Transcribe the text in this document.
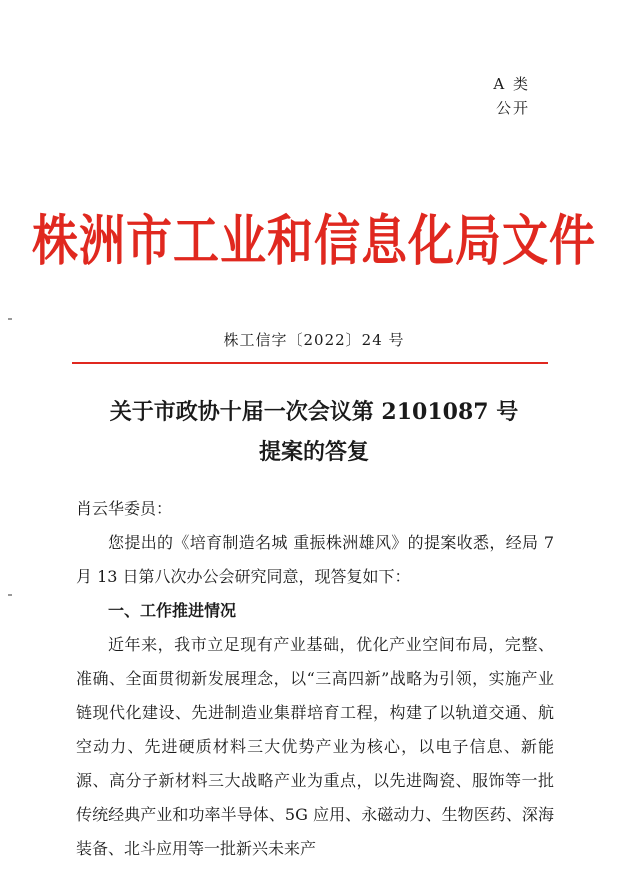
A 类
公开
株洲市工业和信息化局文件
株工信字〔2022〕24 号
关于市政协十届一次会议第 2101087 号
提案的答复

肖云华委员：

您提出的《培育制造名城 重振株洲雄风》的提案收悉，经局 7 月 13 日第八次办公会研究同意，现答复如下：

一、工作推进情况

近年来，我市立足现有产业基础，优化产业空间布局，完整、准确、全面贯彻新发展理念，以“三高四新”战略为引领，实施产业链现代化建设、先进制造业集群培育工程，构建了以轨道交通、航空动力、先进硬质材料三大优势产业为核心，以电子信息、新能源、高分子新材料三大战略产业为重点，以先进陶瓷、服饰等一批传统经典产业和功率半导体、5G 应用、永磁动力、生物医药、深海装备、北斗应用等一批新兴未来产
